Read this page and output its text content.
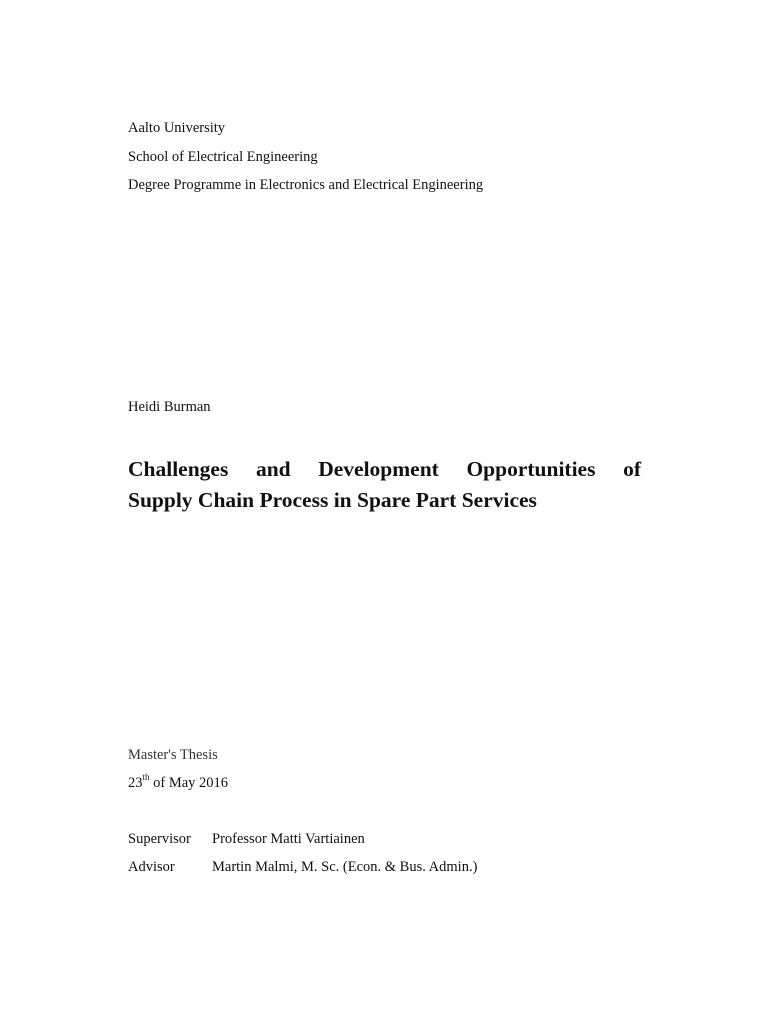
Aalto University
School of Electrical Engineering
Degree Programme in Electronics and Electrical Engineering
Heidi Burman
Challenges and Development Opportunities of
Supply Chain Process in Spare Part Services
Master's Thesis
23th of May 2016
Supervisor Professor Matti Vartiainen
Advisor	Martin Malmi, M. Sc. (Econ. & Bus. Admin.)
